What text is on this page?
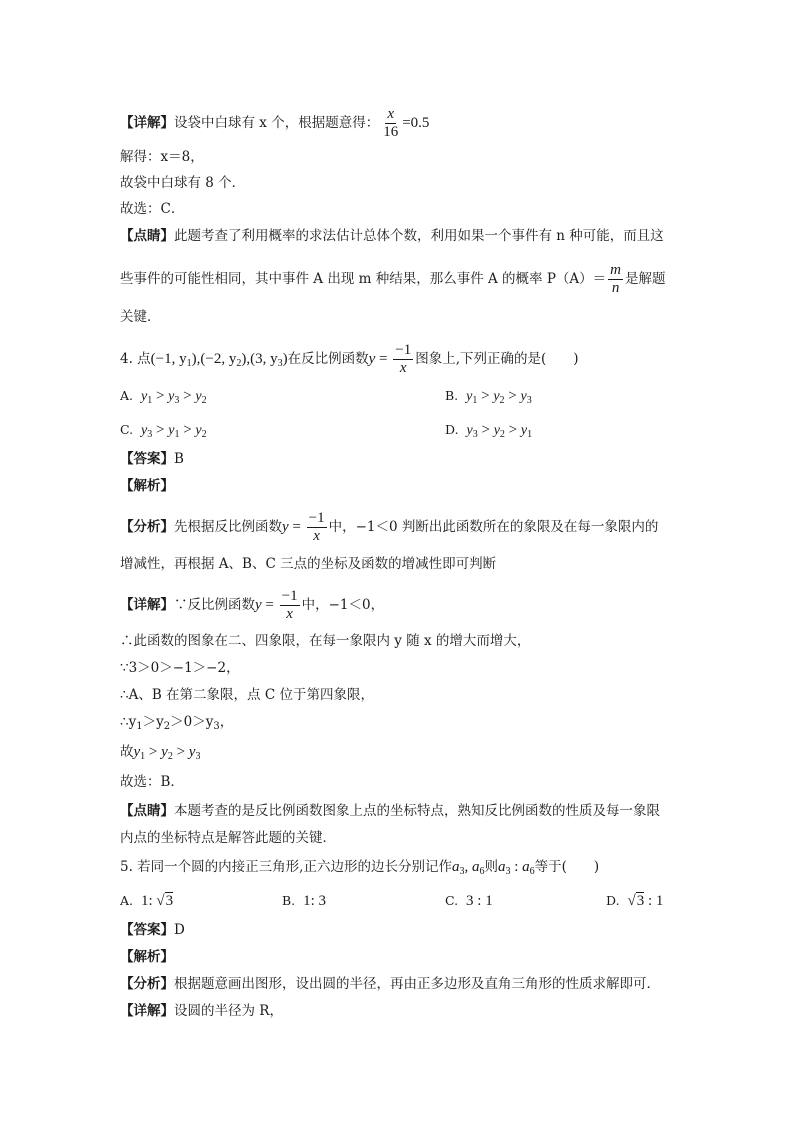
【详解】设袋中白球有 x 个，根据题意得： $\frac{x}{16} =0.5$
解得：x＝8，
故袋中白球有 8 个．
故选：C．
【点睛】此题考查了利用概率的求法估计总体个数，利用如果一个事件有 n 种可能，而且这
些事件的可能性相同，其中事件 A 出现 m 种结果，那么事件 A 的概率 $P(A)= \frac{m}{n}$ 是解题
关键．
4. 点(−1, $y_1),(-2$, $y_2),(3$, $y_3$)在反比例函数$y = \frac{-1}{x}$ 图象上,下列正确的是(　　)
A. $y_1 > y_3 > y_2$	B. $y_1 > y_2 > y_3$
C. $y_3 > y_1 > y_2$	D. $y_3 > y_2 > y_1$
【答案】B
【解析】
【分析】先根据反比例函数$y = \frac{-1}{x}$ 中，−1＜0 判断出此函数所在的象限及在每一象限内的
增减性，再根据 A、B、C 三点的坐标及函数的增减性即可判断
【详解】∵反比例函数$y = \frac{-1}{x}$ 中，−1＜0，
∴此函数的图象在二、四象限，在每一象限内 y 随 x 的增大而增大，
∵3＞0＞−1＞−2，
∴A、B 在第二象限，点 C 位于第四象限，
$\therefore y_1>y_2>0>y_3$，
故$y_1 > y_2 > y_3$
故选：B．
【点睛】本题考查的是反比例函数图象上点的坐标特点，熟知反比例函数的性质及每一象限
内点的坐标特点是解答此题的关键．
5. 若同一个圆的内接正三角形,正六边形的边长分别记作$a_3$, $a_6$则$a_3$ : $a_6$等于(　　)
A. 1: √3	B. 1: 3	C. 3 : 1	D. √3 : 1
【答案】D
【解析】
【分析】根据题意画出图形，设出圆的半径，再由正多边形及直角三角形的性质求解即可．
【详解】设圆的半径为 R，
